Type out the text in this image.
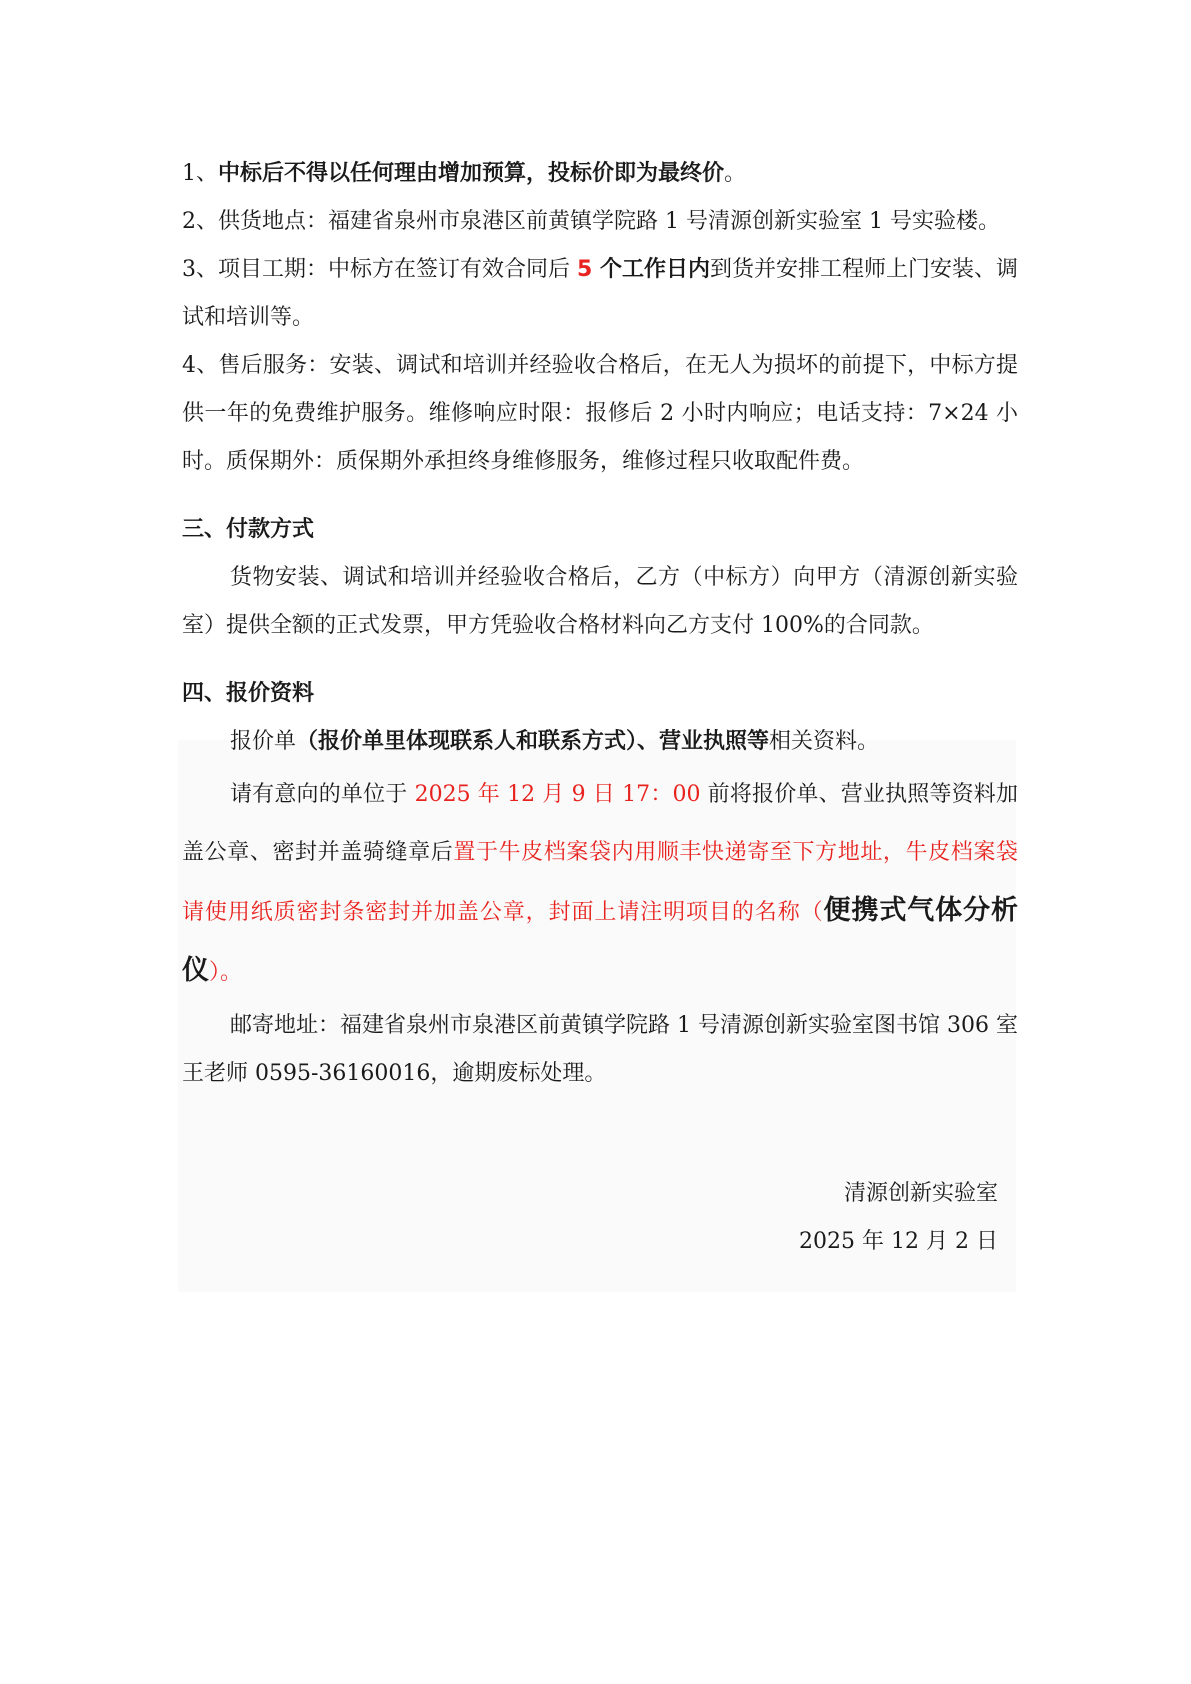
1、中标后不得以任何理由增加预算，投标价即为最终价。

2、供货地点：福建省泉州市泉港区前黄镇学院路 1 号清源创新实验室 1 号实验楼。

3、项目工期：中标方在签订有效合同后 5 个工作日内到货并安排工程师上门安装、调试和培训等。

4、售后服务：安装、调试和培训并经验收合格后，在无人为损坏的前提下，中标方提供一年的免费维护服务。维修响应时限：报修后 2 小时内响应；电话支持：7×24 小时。质保期外：质保期外承担终身维修服务，维修过程只收取配件费。

三、付款方式

货物安装、调试和培训并经验收合格后，乙方（中标方）向甲方（清源创新实验室）提供全额的正式发票，甲方凭验收合格材料向乙方支付 100%的合同款。

四、报价资料

报价单（报价单里体现联系人和联系方式）、营业执照等相关资料。

请有意向的单位于 2025 年 12 月 9 日 17：00 前将报价单、营业执照等资料加盖公章、密封并盖骑缝章后置于牛皮档案袋内用顺丰快递寄至下方地址，牛皮档案袋请使用纸质密封条密封并加盖公章，封面上请注明项目的名称（便携式气体分析仪）。

邮寄地址：福建省泉州市泉港区前黄镇学院路 1 号清源创新实验室图书馆 306 室王老师 0595-36160016，逾期废标处理。

清源创新实验室

2025 年 12 月 2 日
